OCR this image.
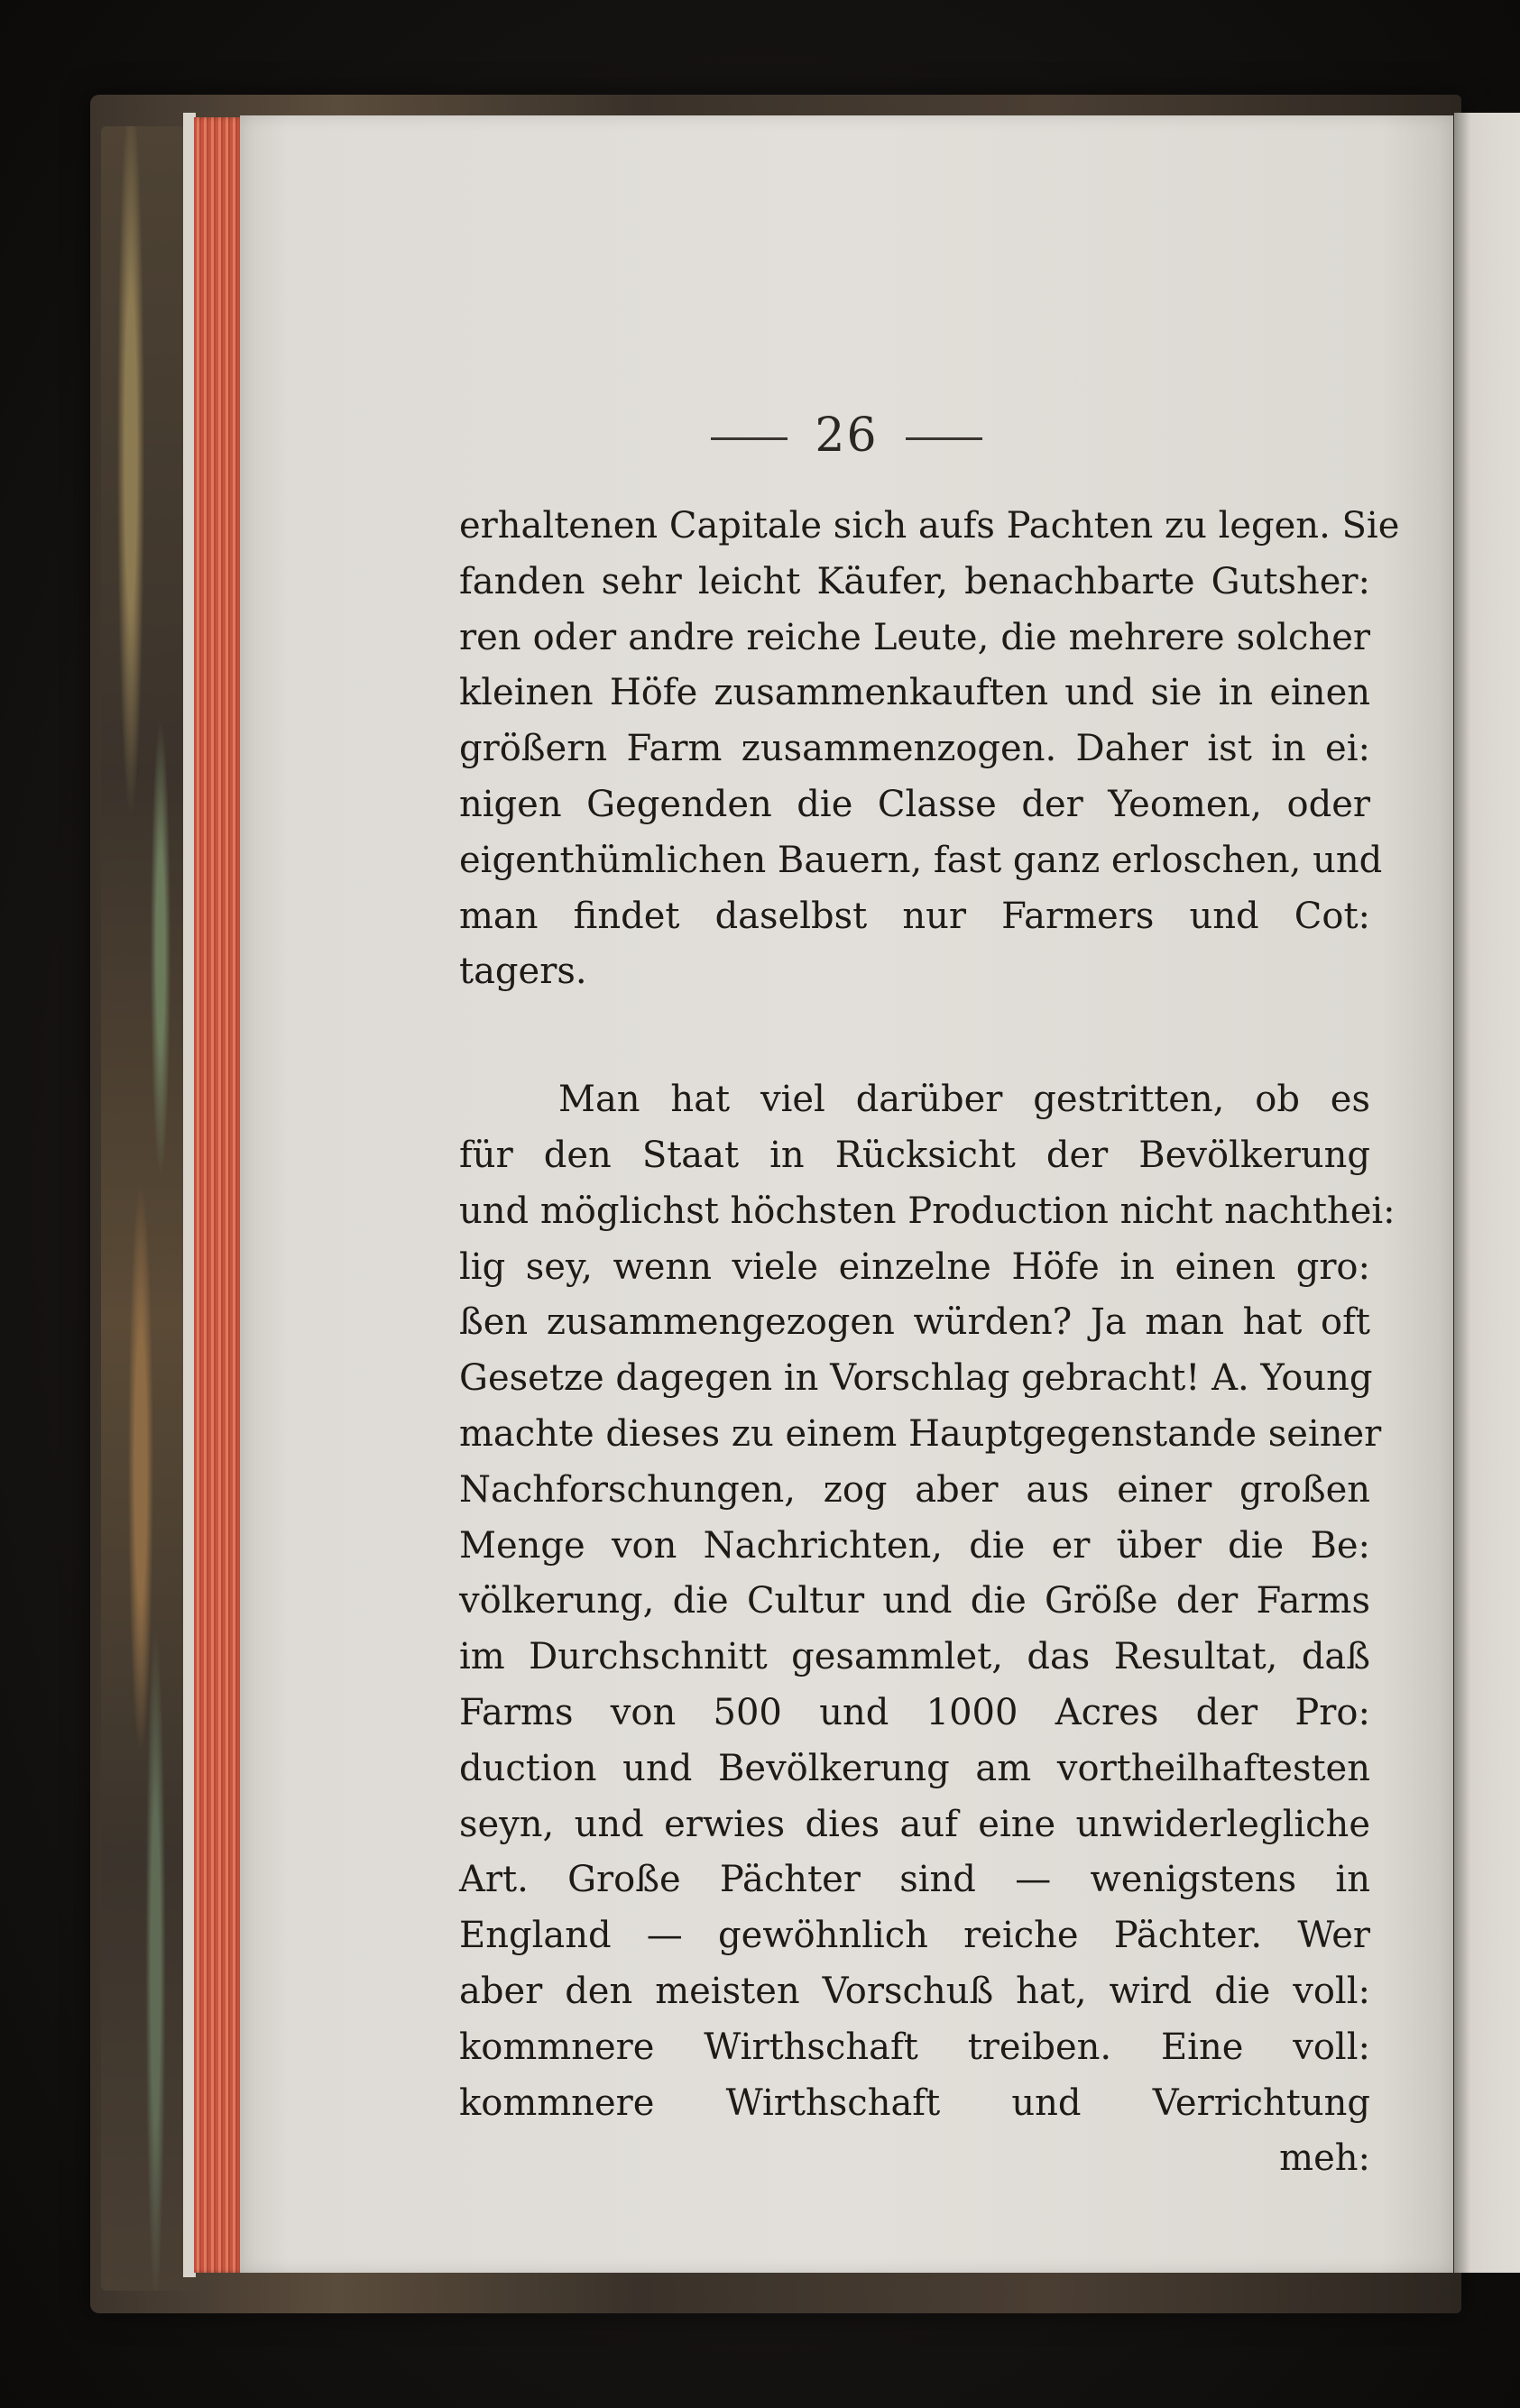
26
erhaltenen Capitale sich aufs Pachten zu legen. Sie
fanden sehr leicht Käufer, benachbarte Gutsher:
ren oder andre reiche Leute, die mehrere solcher
kleinen Höfe zusammenkauften und sie in einen
größern Farm zusammenzogen. Daher ist in ei:
nigen Gegenden die Classe der Yeomen, oder
eigenthümlichen Bauern, fast ganz erloschen, und
man findet daselbst nur Farmers und Cot:
tagers.
Man hat viel darüber gestritten, ob es
für den Staat in Rücksicht der Bevölkerung
und möglichst höchsten Production nicht nachthei:
lig sey, wenn viele einzelne Höfe in einen gro:
ßen zusammengezogen würden? Ja man hat oft
Gesetze dagegen in Vorschlag gebracht! A. Young
machte dieses zu einem Hauptgegenstande seiner
Nachforschungen, zog aber aus einer großen
Menge von Nachrichten, die er über die Be:
völkerung, die Cultur und die Größe der Farms
im Durchschnitt gesammlet, das Resultat, daß
Farms von 500 und 1000 Acres der Pro:
duction und Bevölkerung am vortheilhaftesten
seyn, und erwies dies auf eine unwiderlegliche
Art. Große Pächter sind — wenigstens in
England — gewöhnlich reiche Pächter. Wer
aber den meisten Vorschuß hat, wird die voll:
kommnere Wirthschaft treiben. Eine voll:
kommnere Wirthschaft und Verrichtung
meh:
